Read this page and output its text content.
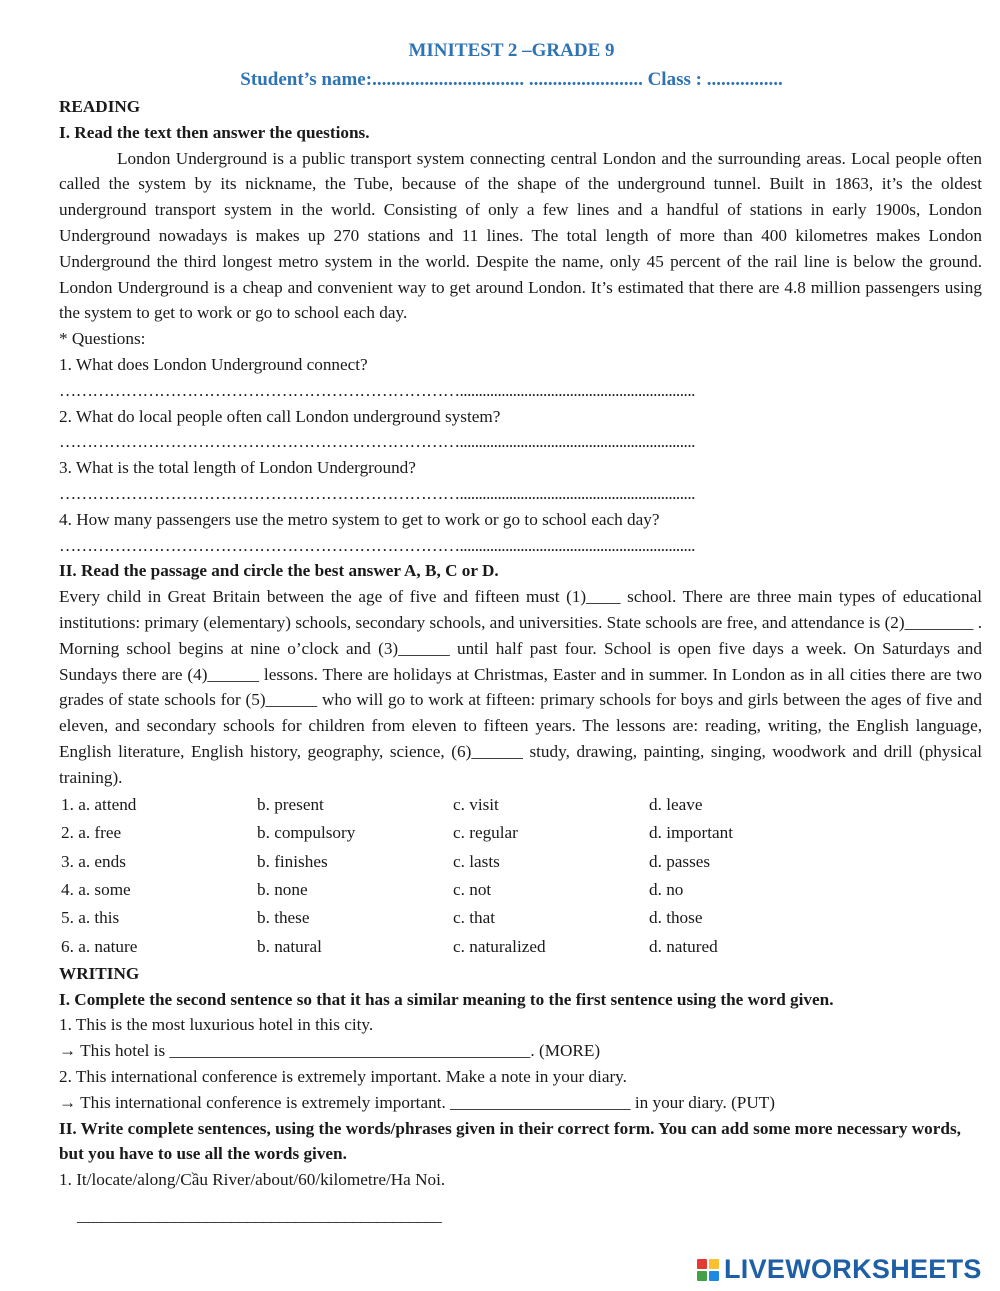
MINITEST 2 –GRADE 9
Student’s name:................................ ........................ Class : ................
READING
I. Read the text then answer the questions.
London Underground is a public transport system connecting central London and the surrounding areas. Local people often called the system by its nickname, the Tube, because of the shape of the underground tunnel. Built in 1863, it’s the oldest underground transport system in the world. Consisting of only a few lines and a handful of stations in early 1900s, London Underground nowadays is makes up 270 stations and 11 lines. The total length of more than 400 kilometres makes London Underground the third longest metro system in the world. Despite the name, only 45 percent of the rail line is below the ground. London Underground is a cheap and convenient way to get around London. It’s estimated that there are 4.8 million passengers using the system to get to work or go to school each day.
* Questions:
1. What does London Underground connect?
………………………………………………………………..............................................................
2. What do local people often call London underground system?
………………………………………………………………..............................................................
3. What is the total length of London Underground?
………………………………………………………………..............................................................
4. How many passengers use the metro system to get to work or go to school each day?
………………………………………………………………..............................................................
II. Read the passage and circle the best answer A, B, C or D.
Every child in Great Britain between the age of five and fifteen must (1)____ school. There are three main types of educational institutions: primary (elementary) schools, secondary schools, and universities. State schools are free, and attendance is (2)________ . Morning school begins at nine o’clock and (3)______ until half past four. School is open five days a week. On Saturdays and Sundays there are (4)______ lessons. There are holidays at Christmas, Easter and in summer. In London as in all cities there are two grades of state schools for (5)______ who will go to work at fifteen: primary schools for boys and girls between the ages of five and eleven, and secondary schools for children from eleven to fifteen years. The lessons are: reading, writing, the English language, English literature, English history, geography, science, (6)______ study, drawing, painting, singing, woodwork and drill (physical training).
1. a. attend	b. present	c. visit	d. leave
2. a. free	b. compulsory	c. regular	d. important
3. a. ends	b. finishes	c. lasts	d. passes
4. a. some	b. none	c. not	d. no
5. a. this	b. these	c. that	d. those
6. a. nature	b. natural	c. naturalized	d. natured
WRITING
I. Complete the second sentence so that it has a similar meaning to the first sentence using the word given.
1. This is the most luxurious hotel in this city.
→ This hotel is __________________________________________. (MORE)
2. This international conference is extremely important. Make a note in your diary.
→ This international conference is extremely important. _____________________ in your diary. (PUT)
II. Write complete sentences, using the words/phrases given in their correct form. You can add some more necessary words, but you have to use all the words given.
1. It/locate/along/Cầu River/about/60/kilometre/Ha Noi.
_____________________________________________
LIVEWORKSHEETS
